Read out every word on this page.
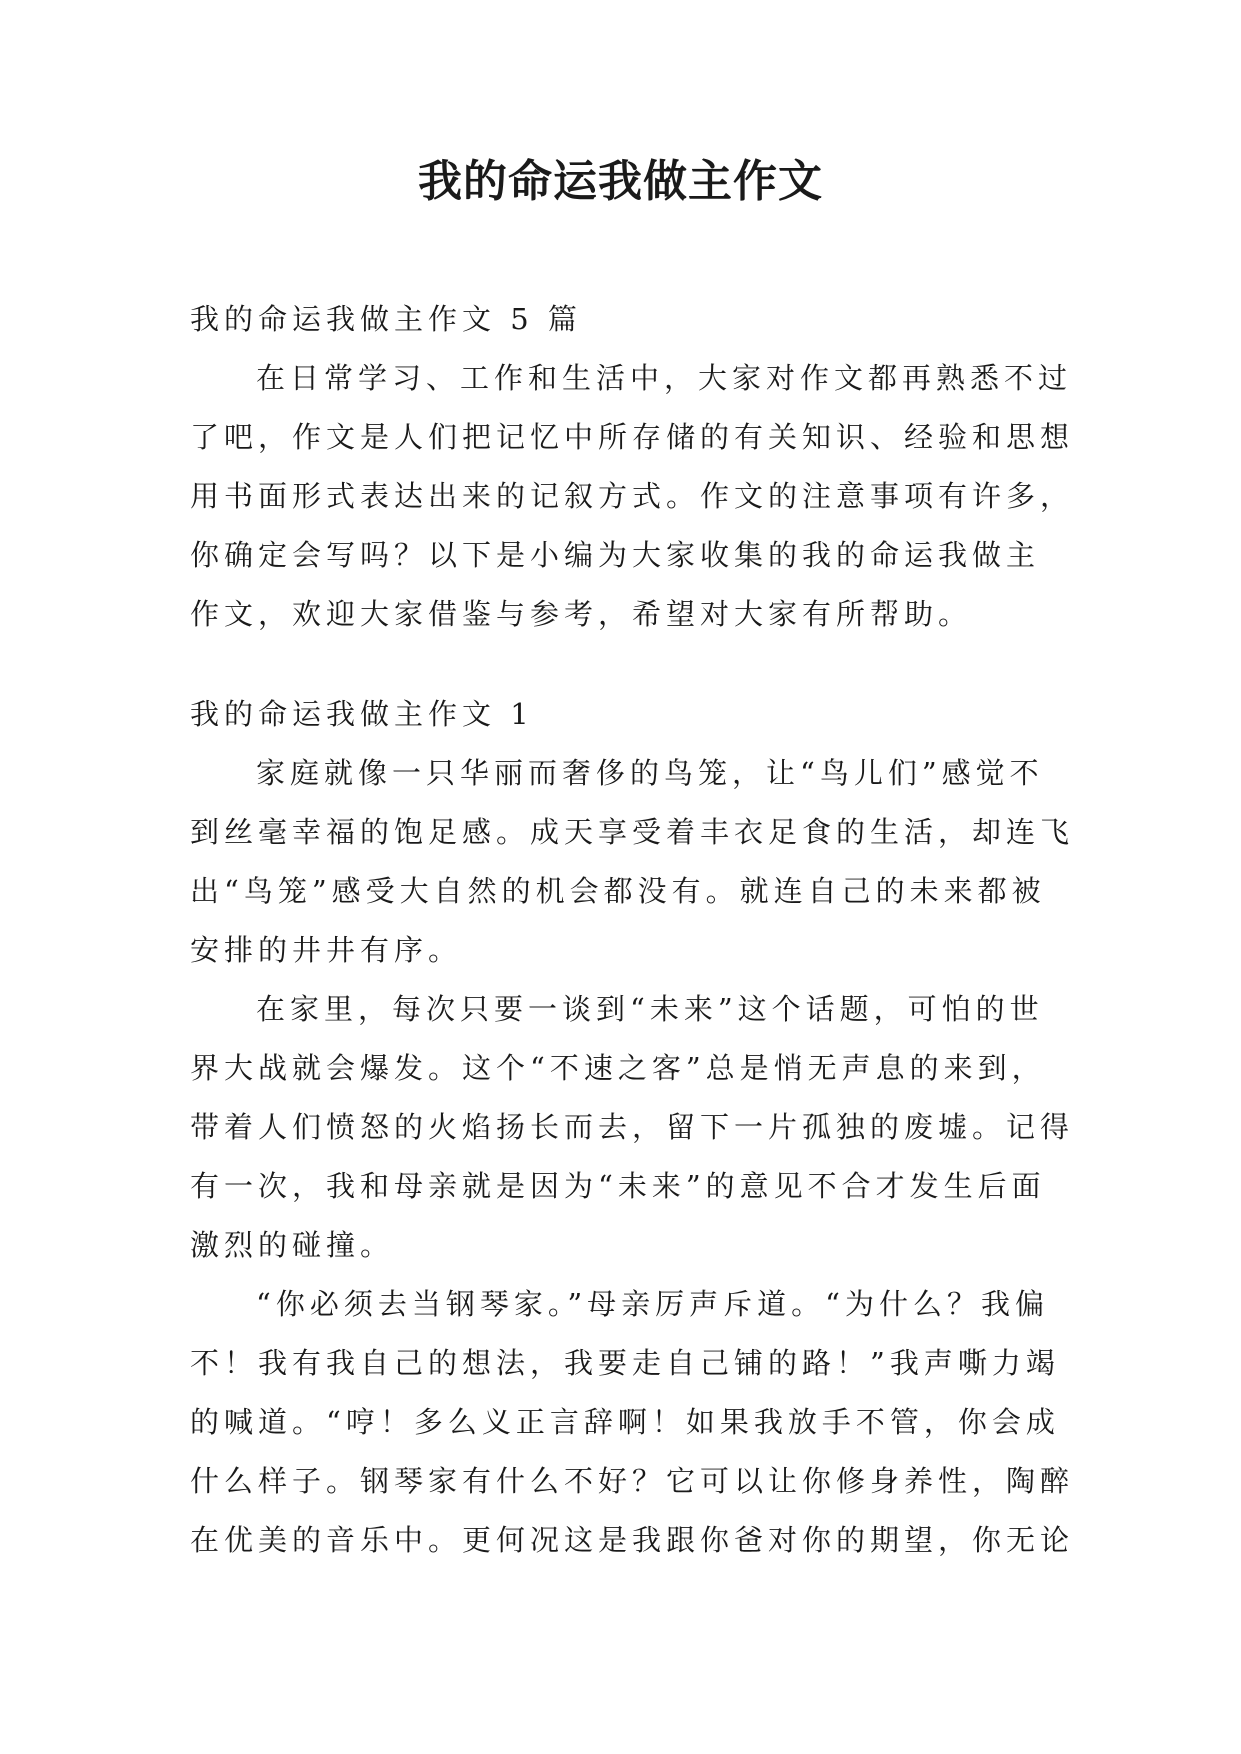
我的命运我做主作文

我的命运我做主作文 5 篇

在日常学习、工作和生活中，大家对作文都再熟悉不过

了吧，作文是人们把记忆中所存储的有关知识、经验和思想

用书面形式表达出来的记叙方式。作文的注意事项有许多，

你确定会写吗？以下是小编为大家收集的我的命运我做主

作文，欢迎大家借鉴与参考，希望对大家有所帮助。

我的命运我做主作文 1

家庭就像一只华丽而奢侈的鸟笼，让“鸟儿们”感觉不

到丝毫幸福的饱足感。成天享受着丰衣足食的生活，却连飞

出“鸟笼”感受大自然的机会都没有。就连自己的未来都被

安排的井井有序。

在家里，每次只要一谈到“未来”这个话题，可怕的世

界大战就会爆发。这个“不速之客”总是悄无声息的来到，

带着人们愤怒的火焰扬长而去，留下一片孤独的废墟。记得

有一次，我和母亲就是因为“未来”的意见不合才发生后面

激烈的碰撞。

“你必须去当钢琴家。”母亲厉声斥道。“为什么？我偏

不！我有我自己的想法，我要走自己铺的路！”我声嘶力竭

的喊道。“哼！多么义正言辞啊！如果我放手不管，你会成

什么样子。钢琴家有什么不好？它可以让你修身养性，陶醉

在优美的音乐中。更何况这是我跟你爸对你的期望，你无论
